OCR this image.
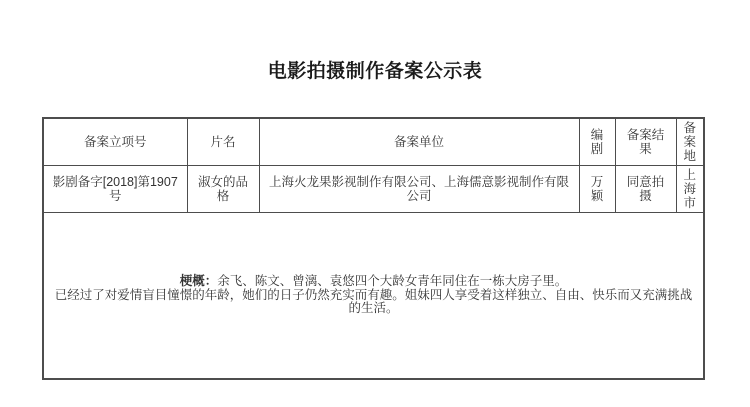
电影拍摄制作备案公示表
备案立项号	片名	备案单位	编剧	备案结果	备案地
影剧备字[2018]第1907号	淑女的品格	上海火龙果影视制作有限公司、上海儒意影视制作有限公司	万颖	同意拍摄	上海市
梗概：余飞、陈文、曾漓、袁悠四个大龄女青年同住在一栋大房子里。
已经过了对爱情盲目憧憬的年龄，她们的日子仍然充实而有趣。姐妹四人享受着这样独立、自由、快乐而又充满挑战的生活。					
